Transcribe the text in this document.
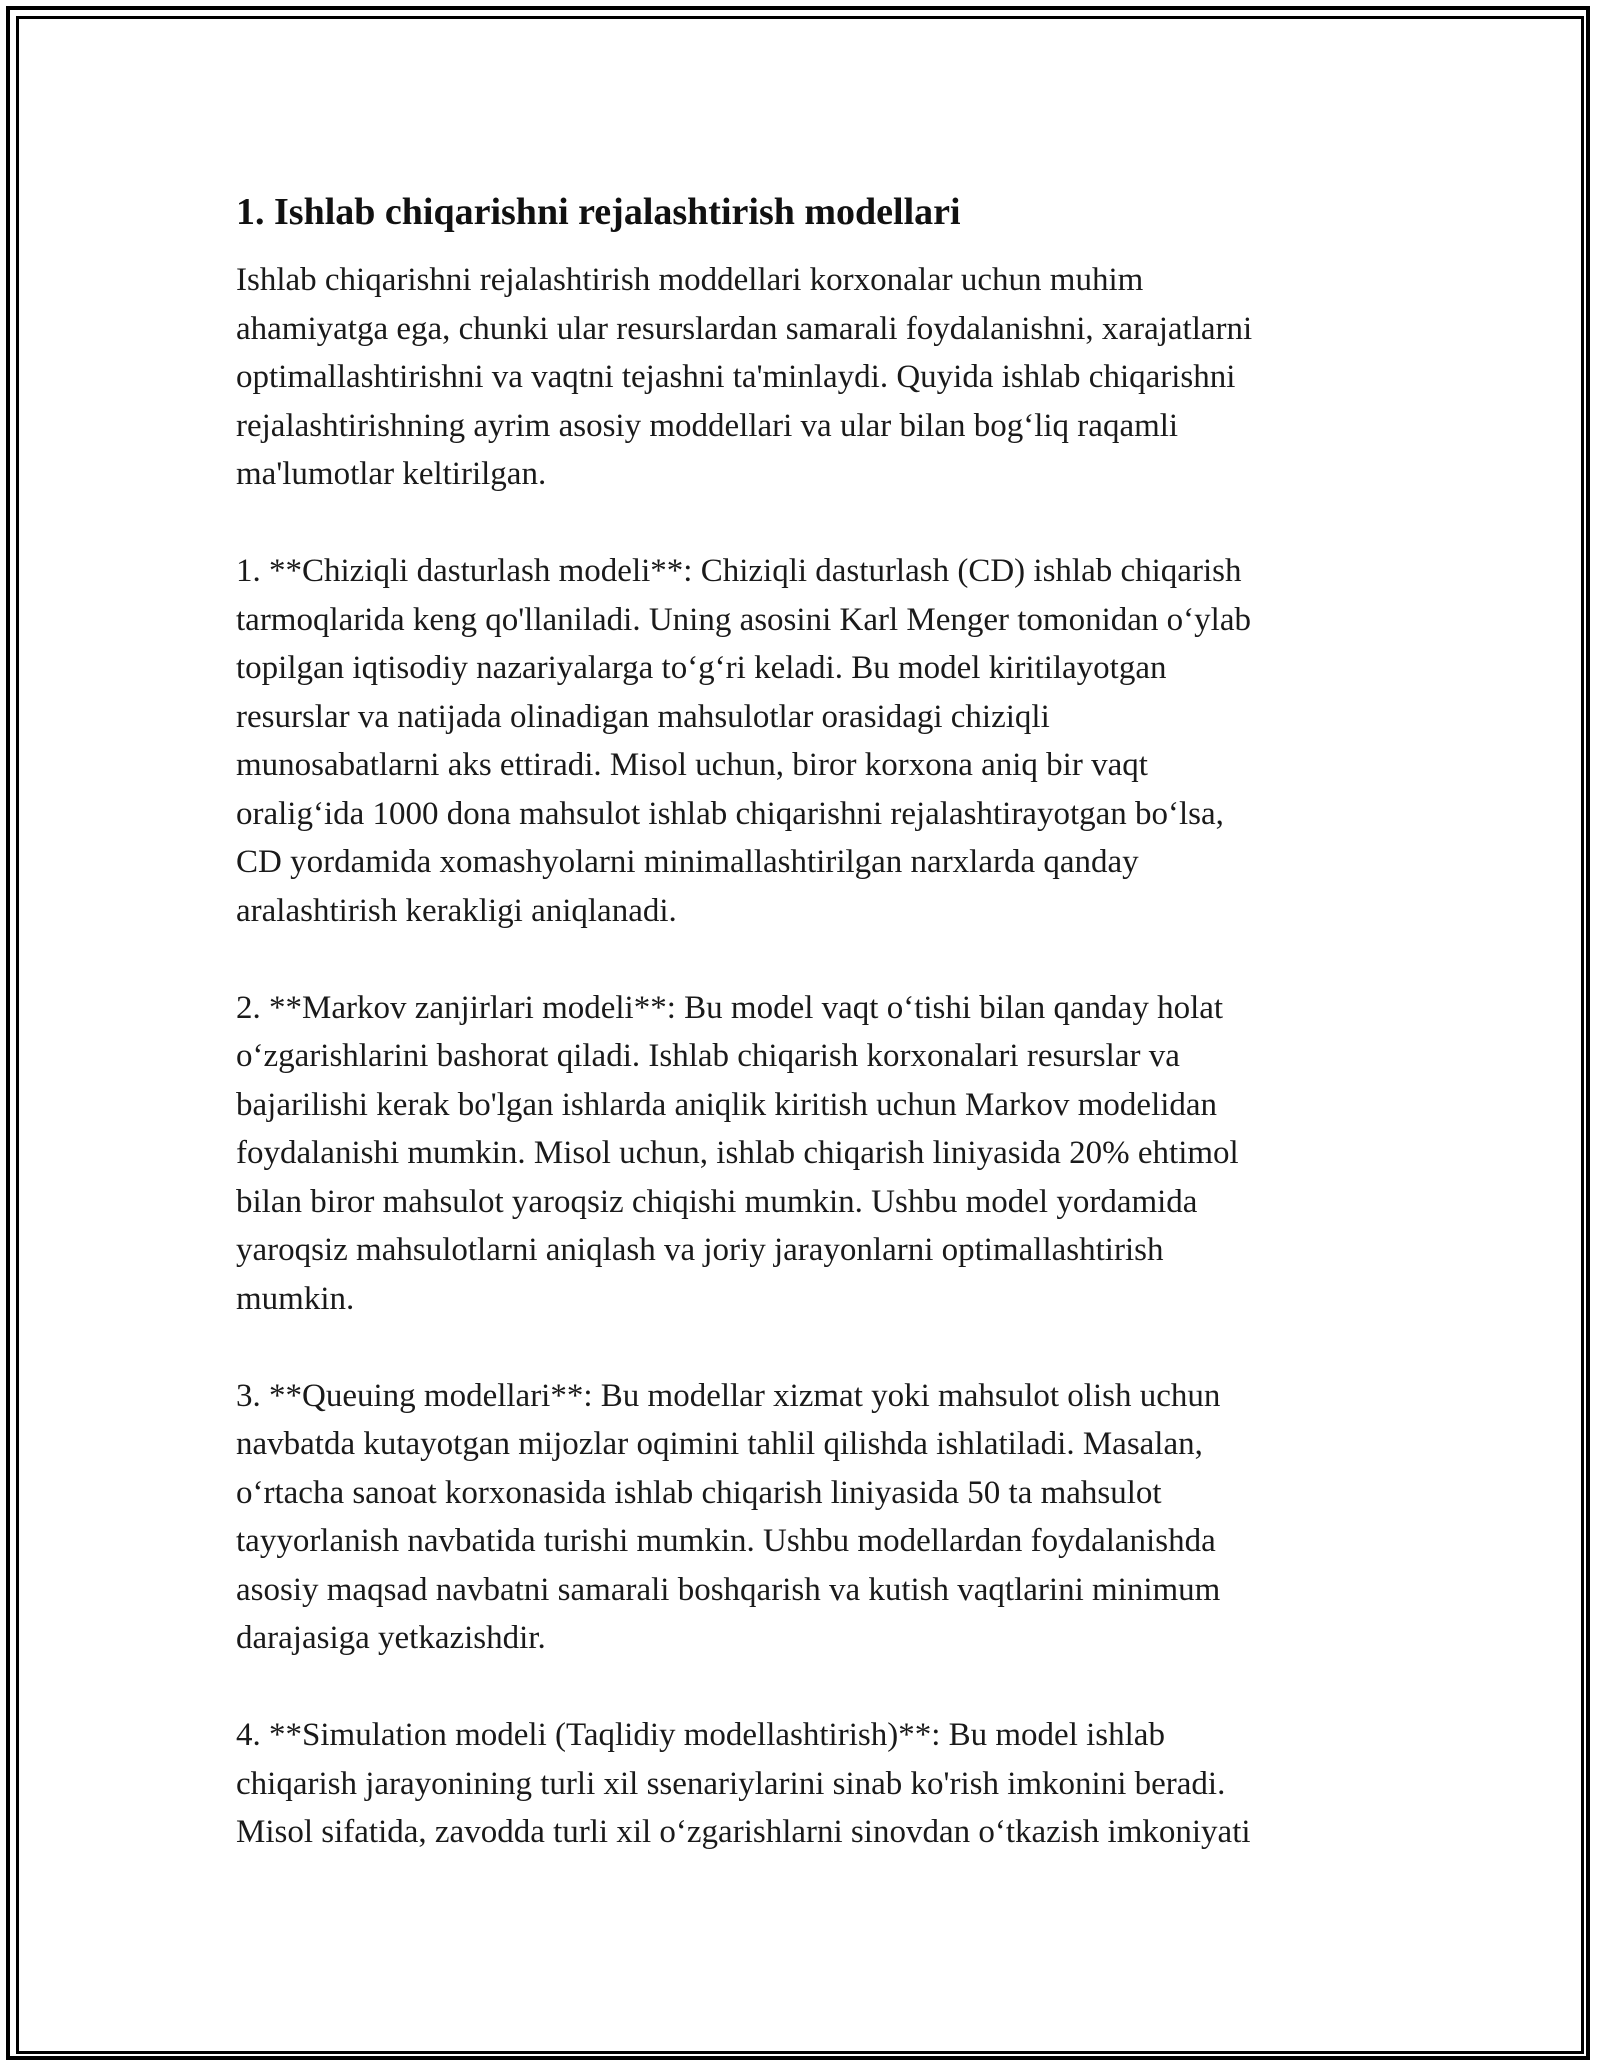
1. Ishlab chiqarishni rejalashtirish modellari

Ishlab chiqarishni rejalashtirish moddellari korxonalar uchun muhim
ahamiyatga ega, chunki ular resurslardan samarali foydalanishni, xarajatlarni
optimallashtirishni va vaqtni tejashni ta'minlaydi. Quyida ishlab chiqarishni
rejalashtirishning ayrim asosiy moddellari va ular bilan bog‘liq raqamli
ma'lumotlar keltirilgan.

1. **Chiziqli dasturlash modeli**: Chiziqli dasturlash (CD) ishlab chiqarish
tarmoqlarida keng qo'llaniladi. Uning asosini Karl Menger tomonidan o‘ylab
topilgan iqtisodiy nazariyalarga to‘g‘ri keladi. Bu model kiritilayotgan
resurslar va natijada olinadigan mahsulotlar orasidagi chiziqli
munosabatlarni aks ettiradi. Misol uchun, biror korxona aniq bir vaqt
oralig‘ida 1000 dona mahsulot ishlab chiqarishni rejalashtirayotgan bo‘lsa,
CD yordamida xomashyolarni minimallashtirilgan narxlarda qanday
aralashtirish kerakligi aniqlanadi.

2. **Markov zanjirlari modeli**: Bu model vaqt o‘tishi bilan qanday holat
o‘zgarishlarini bashorat qiladi. Ishlab chiqarish korxonalari resurslar va
bajarilishi kerak bo'lgan ishlarda aniqlik kiritish uchun Markov modelidan
foydalanishi mumkin. Misol uchun, ishlab chiqarish liniyasida 20% ehtimol
bilan biror mahsulot yaroqsiz chiqishi mumkin. Ushbu model yordamida
yaroqsiz mahsulotlarni aniqlash va joriy jarayonlarni optimallashtirish
mumkin.

3. **Queuing modellari**: Bu modellar xizmat yoki mahsulot olish uchun
navbatda kutayotgan mijozlar oqimini tahlil qilishda ishlatiladi. Masalan,
o‘rtacha sanoat korxonasida ishlab chiqarish liniyasida 50 ta mahsulot
tayyorlanish navbatida turishi mumkin. Ushbu modellardan foydalanishda
asosiy maqsad navbatni samarali boshqarish va kutish vaqtlarini minimum
darajasiga yetkazishdir.

4. **Simulation modeli (Taqlidiy modellashtirish)**: Bu model ishlab
chiqarish jarayonining turli xil ssenariylarini sinab ko'rish imkonini beradi.
Misol sifatida, zavodda turli xil o‘zgarishlarni sinovdan o‘tkazish imkoniyati
